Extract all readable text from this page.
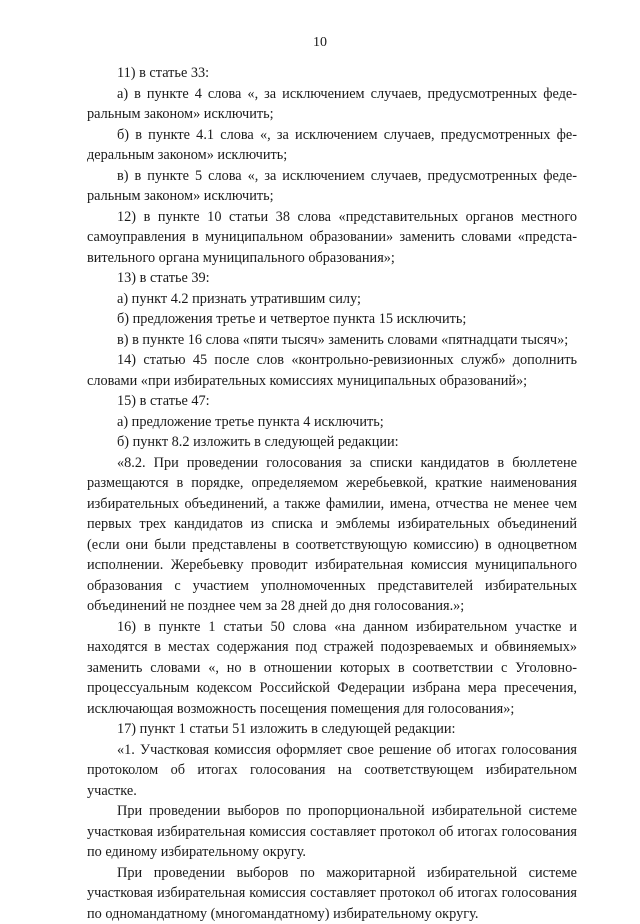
10

11) в статье 33:

а) в пункте 4 слова «, за исключением случаев, предусмотренных федеральным законом» исключить;

б) в пункте 4.1 слова «, за исключением случаев, предусмотренных федеральным законом» исключить;

в) в пункте 5 слова «, за исключением случаев, предусмотренных федеральным законом» исключить;

12) в пункте 10 статьи 38 слова «представительных органов местного самоуправления в муниципальном образовании» заменить словами «представительного органа муниципального образования»;

13) в статье 39:

а) пункт 4.2 признать утратившим силу;

б) предложения третье и четвертое пункта 15 исключить;

в) в пункте 16 слова «пяти тысяч» заменить словами «пятнадцати тысяч»;

14) статью 45 после слов «контрольно-ревизионных служб» дополнить словами «при избирательных комиссиях муниципальных образований»;

15) в статье 47:

а) предложение третье пункта 4 исключить;

б) пункт 8.2 изложить в следующей редакции:

«8.2. При проведении голосования за списки кандидатов в бюллетене размещаются в порядке, определяемом жеребьевкой, краткие наименования избирательных объединений, а также фамилии, имена, отчества не менее чем первых трех кандидатов из списка и эмблемы избирательных объединений (если они были представлены в соответствующую комиссию) в одноцветном исполнении. Жеребьевку проводит избирательная комиссия муниципального образования с участием уполномоченных представителей избирательных объединений не позднее чем за 28 дней до дня голосования.»;

16) в пункте 1 статьи 50 слова «на данном избирательном участке и находятся в местах содержания под стражей подозреваемых и обвиняемых» заменить словами «, но в отношении которых в соответствии с Уголовно-процессуальным кодексом Российской Федерации избрана мера пресечения, исключающая возможность посещения помещения для голосования»;

17) пункт 1 статьи 51 изложить в следующей редакции:

«1. Участковая комиссия оформляет свое решение об итогах голосования протоколом об итогах голосования на соответствующем избирательном участке.

При проведении выборов по пропорциональной избирательной системе участковая избирательная комиссия составляет протокол об итогах голосования по единому избирательному округу.

При проведении выборов по мажоритарной избирательной системе участковая избирательная комиссия составляет протокол об итогах голосования по одномандатному (многомандатному) избирательному округу.
